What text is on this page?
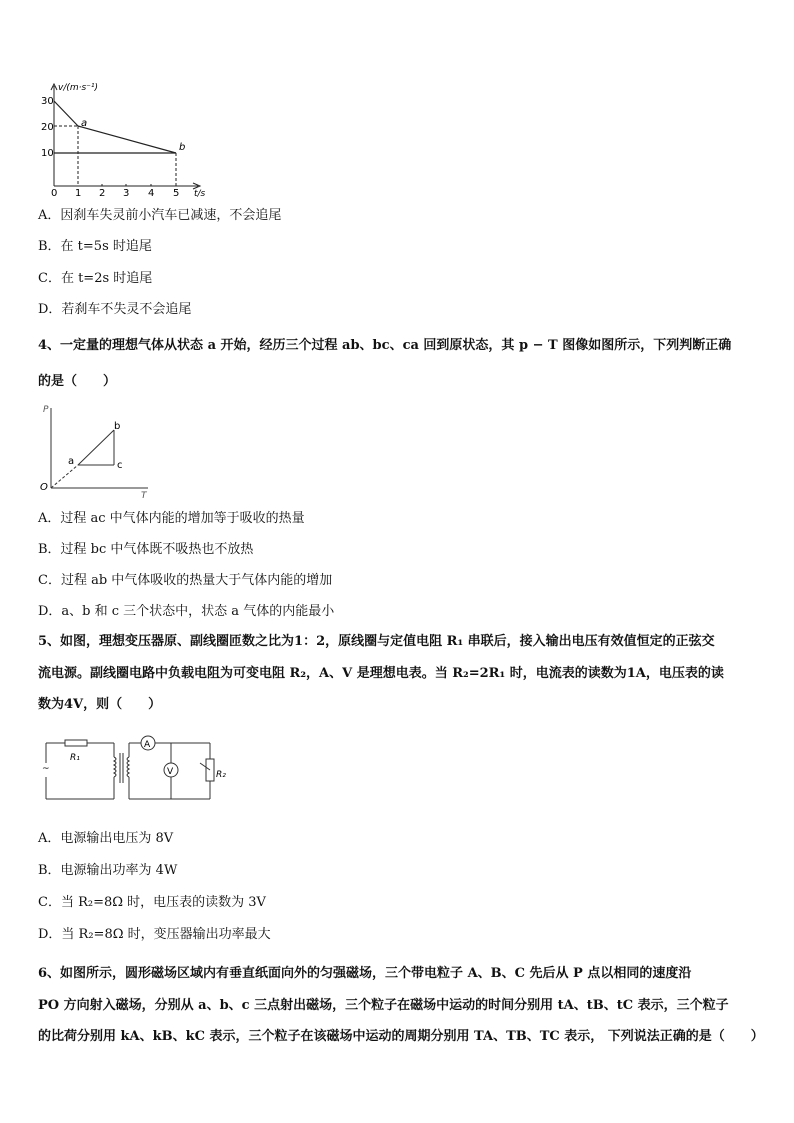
v/(m·s⁻¹)
30
20
10
0 1 2 3 4 5 t/s
a
b
A．因刹车失灵前小汽车已减速，不会追尾
B．在 t=5s 时追尾
C．在 t=2s 时追尾
D．若刹车不失灵不会追尾
4、一定量的理想气体从状态 a 开始，经历三个过程 ab、bc、ca 回到原状态，其 p − T 图像如图所示，下列判断正确
的是（　　）
P
T
O
a
b
c
A．过程 ac 中气体内能的增加等于吸收的热量
B．过程 bc 中气体既不吸热也不放热
C．过程 ab 中气体吸收的热量大于气体内能的增加
D．a、b 和 c 三个状态中，状态 a 气体的内能最小
5、如图，理想变压器原、副线圈匝数之比为1：2，原线圈与定值电阻 R₁ 串联后，接入输出电压有效值恒定的正弦交
流电源。副线圈电路中负载电阻为可变电阻 R₂，A、V 是理想电表。当 R₂=2R₁ 时，电流表的读数为1A，电压表的读
数为4V，则（　　）
~
R₁
A
V	R₂
A．电源输出电压为 8V
B．电源输出功率为 4W
C．当 R₂=8Ω 时，电压表的读数为 3V
D．当 R₂=8Ω 时，变压器输出功率最大
6、如图所示，圆形磁场区域内有垂直纸面向外的匀强磁场，三个带电粒子 A、B、C 先后从 P 点以相同的速度沿
PO 方向射入磁场，分别从 a、b、c 三点射出磁场，三个粒子在磁场中运动的时间分别用 tA、tB、tC 表示，三个粒子
的比荷分别用 kA、kB、kC 表示，三个粒子在该磁场中运动的周期分别用 TA、TB、TC 表示， 下列说法正确的是（　　）
